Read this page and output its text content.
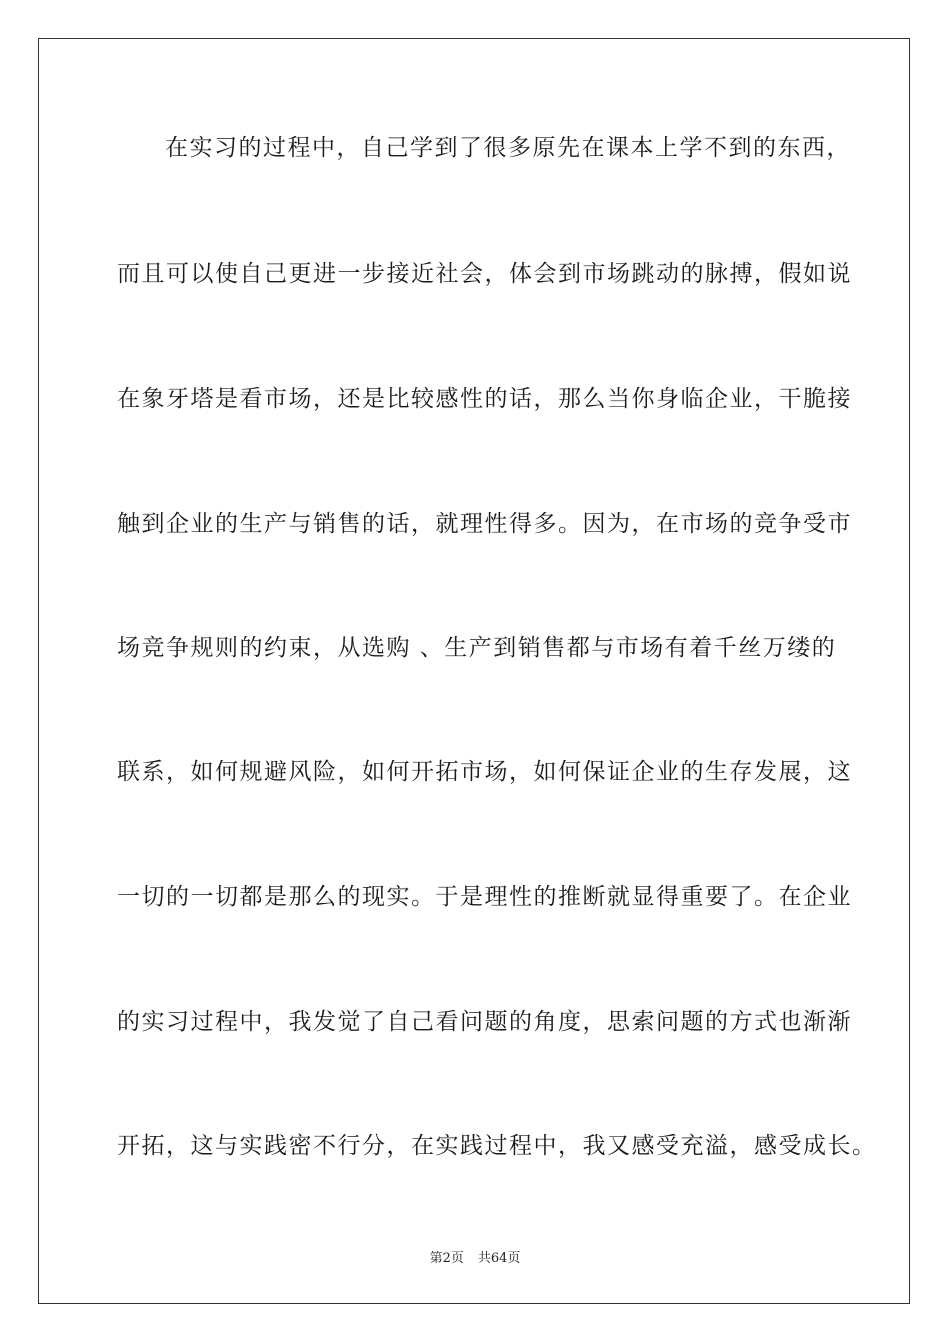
在实习的过程中，自己学到了很多原先在课本上学不到的东西，
而且可以使自己更进一步接近社会，体会到市场跳动的脉搏，假如说
在象牙塔是看市场，还是比较感性的话，那么当你身临企业，干脆接
触到企业的生产与销售的话，就理性得多。因为，在市场的竞争受市
场竞争规则的约束，从选购 、生产到销售都与市场有着千丝万缕的
联系，如何规避风险，如何开拓市场，如何保证企业的生存发展，这
一切的一切都是那么的现实。于是理性的推断就显得重要了。在企业
的实习过程中，我发觉了自己看问题的角度，思索问题的方式也渐渐
开拓，这与实践密不行分，在实践过程中，我又感受充溢，感受成长。
第2页 共64页
